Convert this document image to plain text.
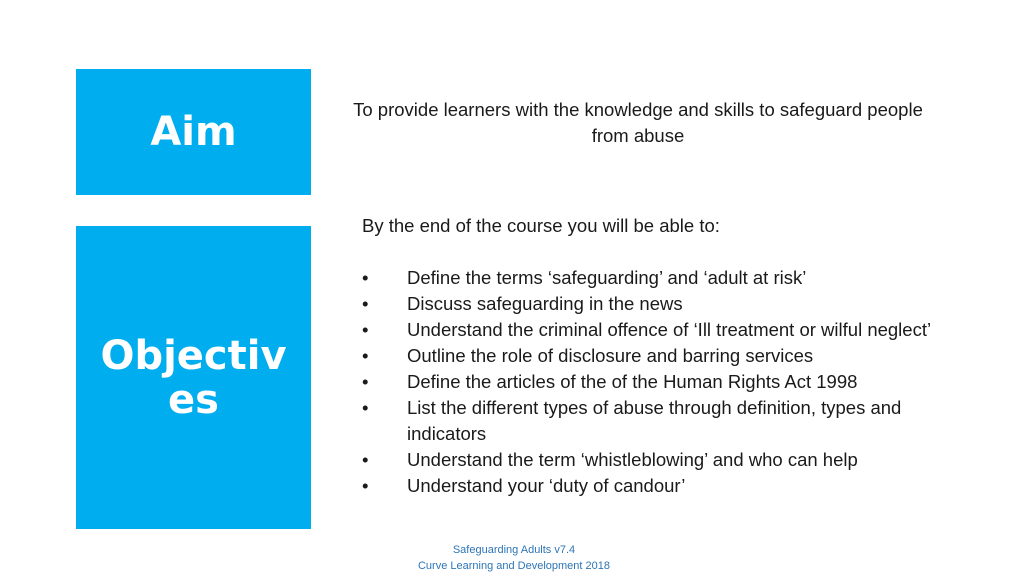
Aim
Objectives
To provide learners with the knowledge and skills to safeguard people from abuse
By the end of the course you will be able to:
• Define the terms ‘safeguarding’ and ‘adult at risk’
• Discuss safeguarding in the news
• Understand the criminal offence of ‘Ill treatment or wilful neglect’
• Outline the role of disclosure and barring services
• Define the articles of the of the Human Rights Act 1998
• List the different types of abuse through definition, types and indicators
• Understand the term ‘whistleblowing’ and who can help
• Understand your ‘duty of candour’
Safeguarding Adults v7.4
Curve Learning and Development 2018
